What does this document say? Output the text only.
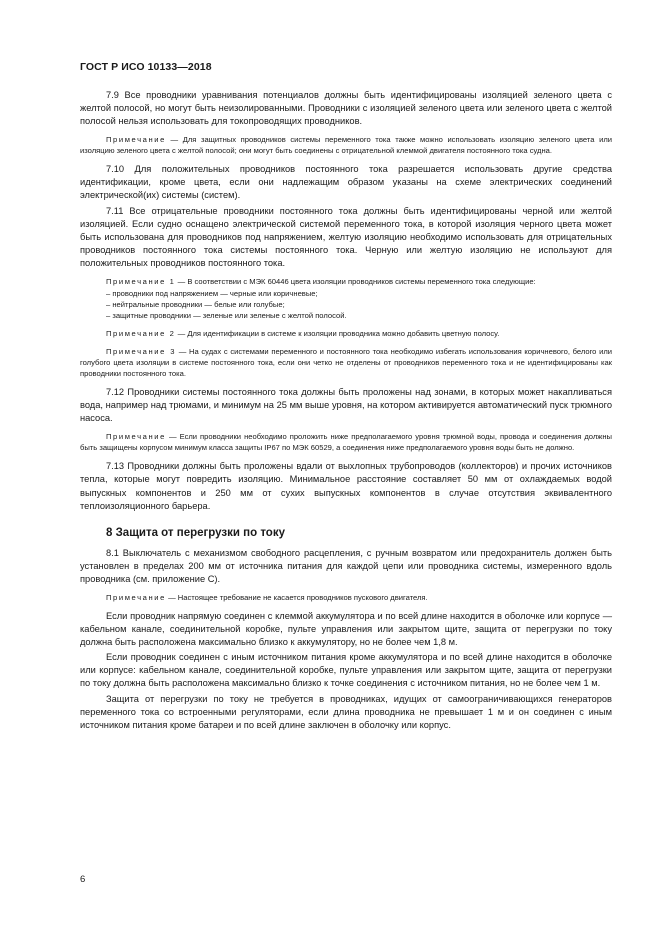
ГОСТ Р ИСО 10133—2018

7.9 Все проводники уравнивания потенциалов должны быть идентифицированы изоляцией зеленого цвета с желтой полосой, но могут быть неизолированными. Проводники с изоляцией зеленого цвета или зеленого цвета с желтой полосой нельзя использовать для токопроводящих проводников.

Примечание — Для защитных проводников системы переменного тока также можно использовать изоляцию зеленого цвета или изоляцию зеленого цвета с желтой полосой; они могут быть соединены с отрицательной клеммой двигателя постоянного тока судна.

7.10 Для положительных проводников постоянного тока разрешается использовать другие средства идентификации, кроме цвета, если они надлежащим образом указаны на схеме электрических соединений электрической(их) системы (систем).

7.11 Все отрицательные проводники постоянного тока должны быть идентифицированы черной или желтой изоляцией. Если судно оснащено электрической системой переменного тока, в которой изоляция черного цвета может быть использована для проводников под напряжением, желтую изоляцию необходимо использовать для отрицательных проводников постоянного тока системы постоянного тока. Черную или желтую изоляцию не используют для положительных проводников постоянного тока.

Примечание 1 — В соответствии с МЭК 60446 цвета изоляции проводников системы переменного тока следующие:

– проводники под напряжением — черные или коричневые;
– нейтральные проводники — белые или голубые;
– защитные проводники — зеленые или зеленые с желтой полосой.

Примечание 2 — Для идентификации в системе к изоляции проводника можно добавить цветную полосу.

Примечание 3 — На судах с системами переменного и постоянного тока необходимо избегать использования коричневого, белого или голубого цвета изоляции в системе постоянного тока, если они четко не отделены от проводников переменного тока и не идентифицированы как проводники постоянного тока.

7.12 Проводники системы постоянного тока должны быть проложены над зонами, в которых может накапливаться вода, например над трюмами, и минимум на 25 мм выше уровня, на котором активируется автоматический пуск трюмного насоса.

Примечание — Если проводники необходимо проложить ниже предполагаемого уровня трюмной воды, провода и соединения должны быть защищены корпусом минимум класса защиты IP67 по МЭК 60529, а соединения ниже предполагаемого уровня воды быть не должно.

7.13 Проводники должны быть проложены вдали от выхлопных трубопроводов (коллекторов) и прочих источников тепла, которые могут повредить изоляцию. Минимальное расстояние составляет 50 мм от охлаждаемых водой выпускных компонентов и 250 мм от сухих выпускных компонентов в случае отсутствия эквивалентного теплоизоляционного барьера.

8 Защита от перегрузки по току

8.1 Выключатель с механизмом свободного расцепления, с ручным возвратом или предохранитель должен быть установлен в пределах 200 мм от источника питания для каждой цепи или проводника системы, измеренного вдоль проводника (см. приложение C).

Примечание — Настоящее требование не касается проводников пускового двигателя.

Если проводник напрямую соединен с клеммой аккумулятора и по всей длине находится в оболочке или корпусе — кабельном канале, соединительной коробке, пульте управления или закрытом щите, защита от перегрузки по току должна быть расположена максимально близко к аккумулятору, но не более чем 1,8 м.

Если проводник соединен с иным источником питания кроме аккумулятора и по всей длине находится в оболочке или корпусе: кабельном канале, соединительной коробке, пульте управления или закрытом щите, защита от перегрузки по току должна быть расположена максимально близко к точке соединения с источником питания, но не более чем 1 м.

Защита от перегрузки по току не требуется в проводниках, идущих от самоограничивающихся генераторов переменного тока со встроенными регуляторами, если длина проводника не превышает 1 м и он соединен с иным источником питания кроме батареи и по всей длине заключен в оболочку или корпус.

6
